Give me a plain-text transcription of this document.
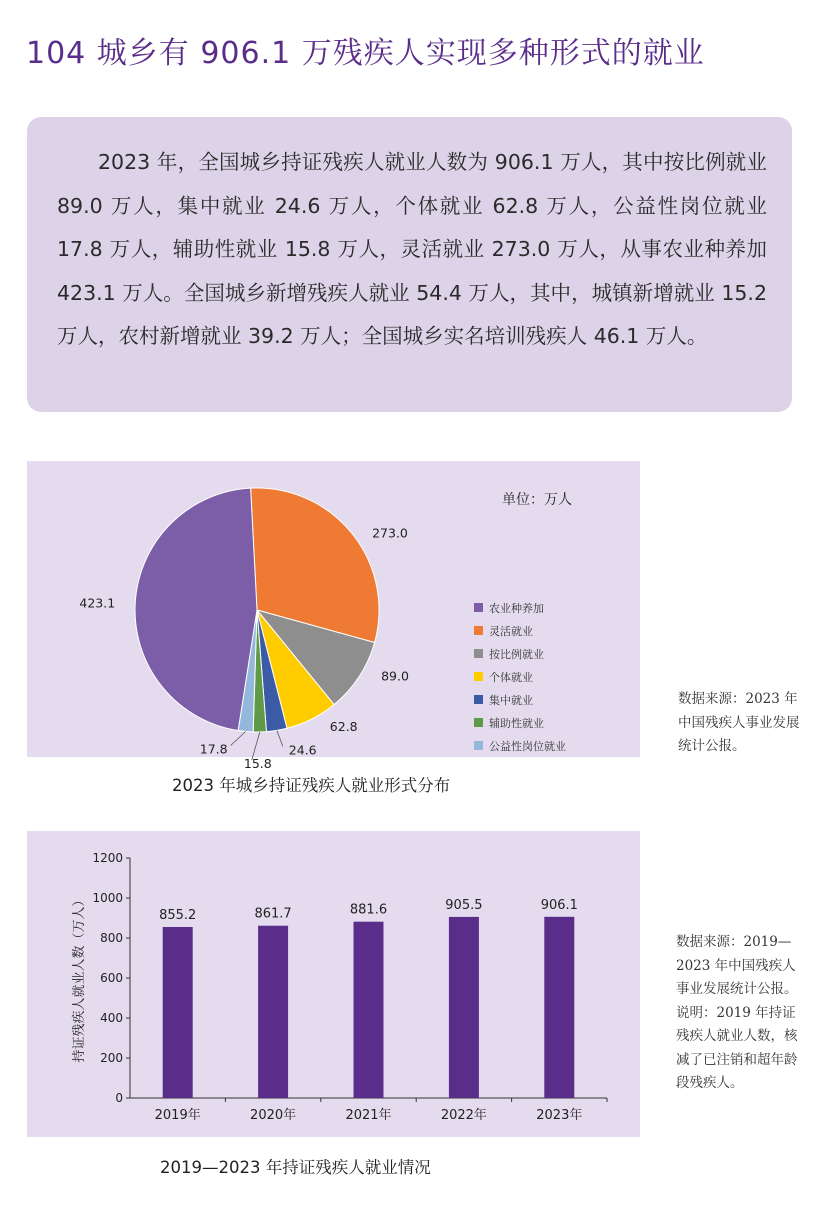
104 城乡有 906.1 万残疾人实现多种形式的就业

2023 年，全国城乡持证残疾人就业人数为 906.1 万人，其中按比例就业 89.0 万人，集中就业 24.6 万人，个体就业 62.8 万人，公益性岗位就业 17.8 万人，辅助性就业 15.8 万人，灵活就业 273.0 万人，从事农业种养加 423.1 万人。全国城乡新增残疾人就业 54.4 万人，其中，城镇新增就业 15.2 万人，农村新增就业 39.2 万人；全国城乡实名培训残疾人 46.1 万人。

273.0
89.0
62.8
24.6
15.8
17.8
423.1
单位：万人
农业种养加
灵活就业
按比例就业
个体就业
集中就业
辅助性就业
公益性岗位就业
2023 年城乡持证残疾人就业形式分布
数据来源：2023 年中国残疾人事业发展统计公报。
0
200
400
600
800
1000
1200
855.2
2019年
861.7
2020年
881.6
2021年
905.5
2022年
906.1
2023年
持证残疾人就业人数（万人）
2019—2023 年持证残疾人就业情况
数据来源：2019—2023 年中国残疾人事业发展统计公报。说明：2019 年持证残疾人就业人数，核减了已注销和超年龄段残疾人。
